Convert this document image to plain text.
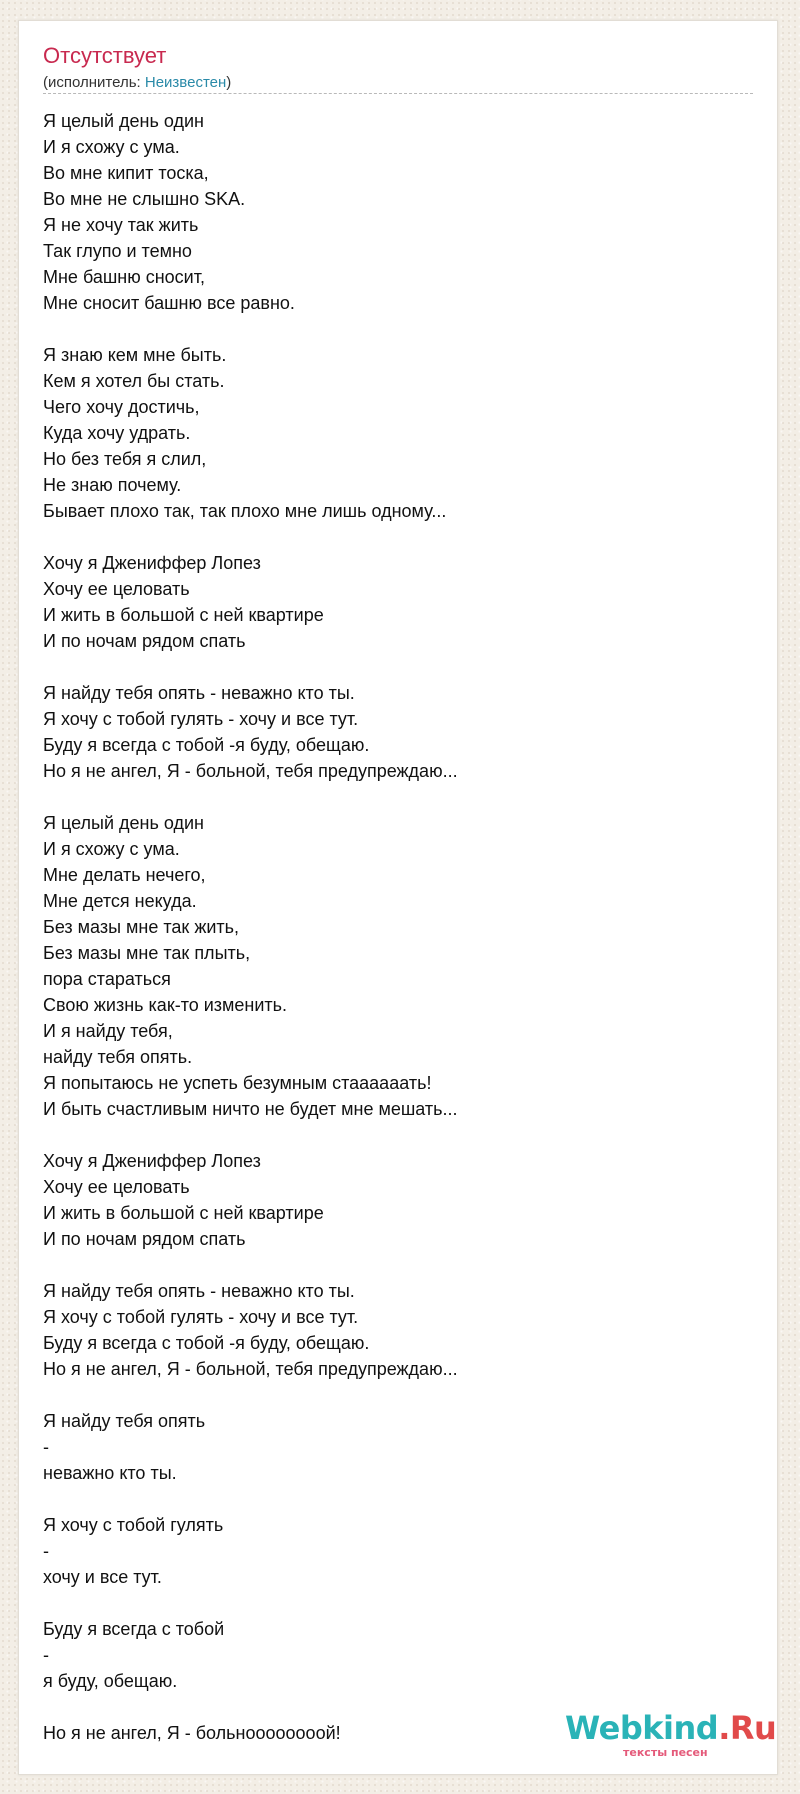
Отсутствует
(исполнитель: Неизвестен)
Я целый день один
И я схожу с ума.
Во мне кипит тоска,
Во мне не слышно SKA.
Я не хочу так жить
Так глупо и темно
Мне башню сносит,
Мне сносит башню все равно.
Я знаю кем мне быть.
Кем я хотел бы стать.
Чего хочу достичь,
Куда хочу удрать.
Но без тебя я слил,
Не знаю почему.
Бывает плохо так, так плохо мне лишь одному...
Хочу я Джениффер Лопез
Хочу ее целовать
И жить в большой с ней квартире
И по ночам рядом спать
Я найду тебя опять - неважно кто ты.
Я хочу с тобой гулять - хочу и все тут.
Буду я всегда с тобой -я буду, обещаю.
Но я не ангел, Я - больной, тебя предупреждаю...
Я целый день один
И я схожу с ума.
Мне делать нечего,
Мне дется некуда.
Без мазы мне так жить,
Без мазы мне так плыть,
пора стараться
Свою жизнь как-то изменить.
И я найду тебя,
найду тебя опять.
Я попытаюсь не успеть безумным стаааааать!
И быть счастливым ничто не будет мне мешать...
Хочу я Джениффер Лопез
Хочу ее целовать
И жить в большой с ней квартире
И по ночам рядом спать
Я найду тебя опять - неважно кто ты.
Я хочу с тобой гулять - хочу и все тут.
Буду я всегда с тобой -я буду, обещаю.
Но я не ангел, Я - больной, тебя предупреждаю...
Я найду тебя опять
-
неважно кто ты.
Я хочу с тобой гулять
-
хочу и все тут.
Буду я всегда с тобой
-
я буду, обещаю.
Но я не ангел, Я - больноооооооой!	Webkind.Ru
тексты песен
